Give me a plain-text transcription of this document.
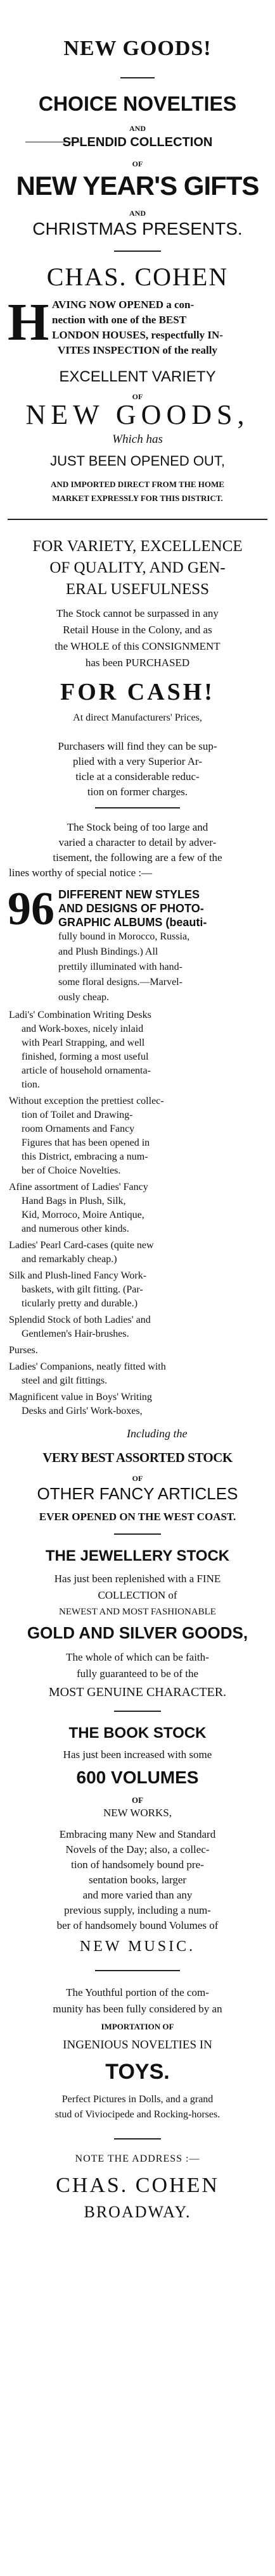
NEW GOODS!
CHOICE NOVELTIES
AND
SPLENDID COLLECTION
OF
NEW YEAR'S GIFTS
AND
CHRISTMAS PRESENTS.
CHAS. COHEN
H AVING NOW OPENED a con-
nection with one of the BEST
LONDON HOUSES, respectfully IN-
VITES INSPECTION of the really
EXCELLENT VARIETY
OF
NEW GOODS,
Which has
JUST BEEN OPENED OUT,
AND IMPORTED DIRECT FROM THE HOME
MARKET EXPRESSLY FOR THIS DISTRICT.
FOR VARIETY, EXCELLENCE
OF QUALITY, AND GEN-
ERAL USEFULNESS
The Stock cannot be surpassed in any
Retail House in the Colony, and as
the WHOLE of this CONSIGNMENT
has been PURCHASED
FOR CASH!
At direct Manufacturers' Prices,
Purchasers will find they can be sup-
plied with a very Superior Ar-
ticle at a considerable reduc-
tion on former charges.
The Stock being of too large and
varied a character to detail by adver-
tisement, the following are a few of the
lines worthy of special notice :—
96 DIFFERENT NEW STYLES
AND DESIGNS OF PHOTO-
GRAPHIC ALBUMS (beauti-
fully bound in Morocco, Russia,
and Plush Bindings.) All
prettily illuminated with hand-
some floral designs.—Marvel-
ously cheap.
Ladi's' Combination Writing Desks
and Work-boxes, nicely inlaid
with Pearl Strapping, and well
finished, forming a most useful
article of household ornamenta-
tion.
Without exception the prettiest collec-
tion of Toilet and Drawing-
room Ornaments and Fancy
Figures that has been opened in
this District, embracing a num-
ber of Choice Novelties.
Afine assortment of Ladies' Fancy
Hand Bags in Plush, Silk,
Kid, Morroco, Moire Antique,
and numerous other kinds.
Ladies' Pearl Card-cases (quite new
and remarkably cheap.)
Silk and Plush-lined Fancy Work-
baskets, with gilt fitting. (Par-
ticularly pretty and durable.)
Splendid Stock of both Ladies' and
Gentlemen's Hair-brushes.
Purses.
Ladies' Companions, neatly fitted with
steel and gilt fittings.
Magnificent value in Boys' Writing
Desks and Girls' Work-boxes,
Including the
VERY BEST ASSORTED STOCK
OF
OTHER FANCY ARTICLES
EVER OPENED ON THE WEST COAST.
THE JEWELLERY STOCK
Has just been replenished with a FINE
COLLECTION of
NEWEST AND MOST FASHIONABLE
GOLD AND SILVER GOODS,
The whole of which can be faith-
fully guaranteed to be of the
MOST GENUINE CHARACTER.
THE BOOK STOCK
Has just been increased with some
600 VOLUMES
OF
NEW WORKS,
Embracing many New and Standard
Novels of the Day; also, a collec-
tion of handsomely bound pre-
sentation books, larger
and more varied than any
previous supply, including a num-
ber of handsomely bound Volumes of
NEW MUSIC.
The Youthful portion of the com-
munity has been fully considered by an
IMPORTATION OF
INGENIOUS NOVELTIES IN
TOYS.
Perfect Pictures in Dolls, and a grand
stud of Viviocipede and Rocking-horses.
NOTE THE ADDRESS :—
CHAS. COHEN
BROADWAY.
